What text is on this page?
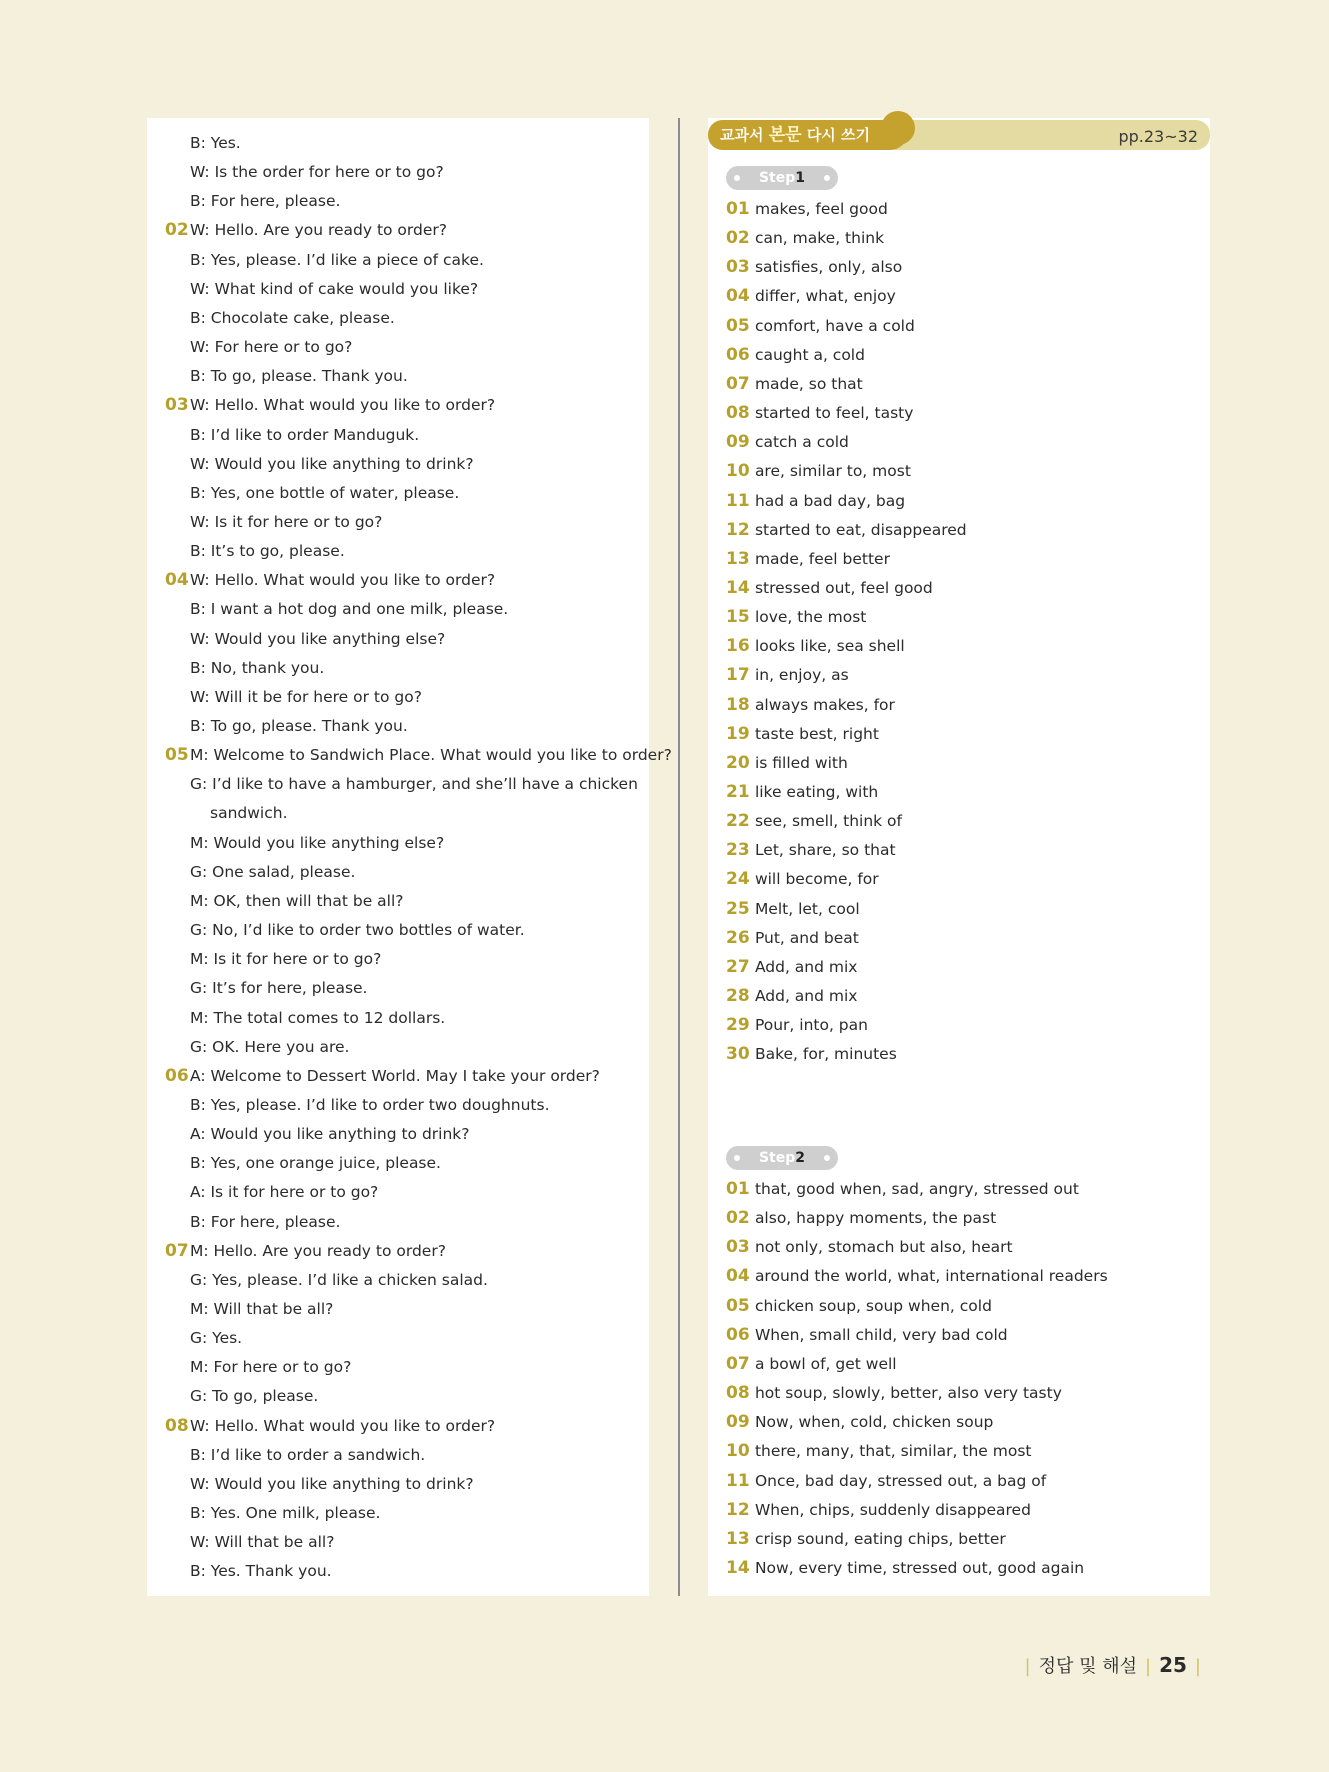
B: Yes.
W: Is the order for here or to go?
B: For here, please.
02 W: Hello. Are you ready to order?
B: Yes, please. I’d like a piece of cake.
W: What kind of cake would you like?
B: Chocolate cake, please.
W: For here or to go?
B: To go, please. Thank you.
03 W: Hello. What would you like to order?
B: I’d like to order Manduguk.
W: Would you like anything to drink?
B: Yes, one bottle of water, please.
W: Is it for here or to go?
B: It’s to go, please.
04 W: Hello. What would you like to order?
B: I want a hot dog and one milk, please.
W: Would you like anything else?
B: No, thank you.
W: Will it be for here or to go?
B: To go, please. Thank you.
05 M: Welcome to Sandwich Place. What would you like to order?
G: I’d like to have a hamburger, and she’ll have a chicken
sandwich.
M: Would you like anything else?
G: One salad, please.
M: OK, then will that be all?
G: No, I’d like to order two bottles of water.
M: Is it for here or to go?
G: It’s for here, please.
M: The total comes to 12 dollars.
G: OK. Here you are.
06 A: Welcome to Dessert World. May I take your order?
B: Yes, please. I’d like to order two doughnuts.
A: Would you like anything to drink?
B: Yes, one orange juice, please.
A: Is it for here or to go?
B: For here, please.
07 M: Hello. Are you ready to order?
G: Yes, please. I’d like a chicken salad.
M: Will that be all?
G: Yes.
M: For here or to go?
G: To go, please.
08 W: Hello. What would you like to order?
B: I’d like to order a sandwich.
W: Would you like anything to drink?
B: Yes. One milk, please.
W: Will that be all?
B: Yes. Thank you.
교과서 본문 다시 쓰기	pp.23~32
Step1
01 makes, feel good
02 can, make, think
03 satisfies, only, also
04 differ, what, enjoy
05 comfort, have a cold
06 caught a, cold
07 made, so that
08 started to feel, tasty
09 catch a cold
10 are, similar to, most
11 had a bad day, bag
12 started to eat, disappeared
13 made, feel better
14 stressed out, feel good
15 love, the most
16 looks like, sea shell
17 in, enjoy, as
18 always makes, for
19 taste best, right
20 is filled with
21 like eating, with
22 see, smell, think of
23 Let, share, so that
24 will become, for
25 Melt, let, cool
26 Put, and beat
27 Add, and mix
28 Add, and mix
29 Pour, into, pan
30 Bake, for, minutes
Step2
01 that, good when, sad, angry, stressed out
02 also, happy moments, the past
03 not only, stomach but also, heart
04 around the world, what, international readers
05 chicken soup, soup when, cold
06 When, small child, very bad cold
07 a bowl of, get well
08 hot soup, slowly, better, also very tasty
09 Now, when, cold, chicken soup
10 there, many, that, similar, the most
11 Once, bad day, stressed out, a bag of
12 When, chips, suddenly disappeared
13 crisp sound, eating chips, better
14 Now, every time, stressed out, good again
| 정답 및 해설 | 25 |
